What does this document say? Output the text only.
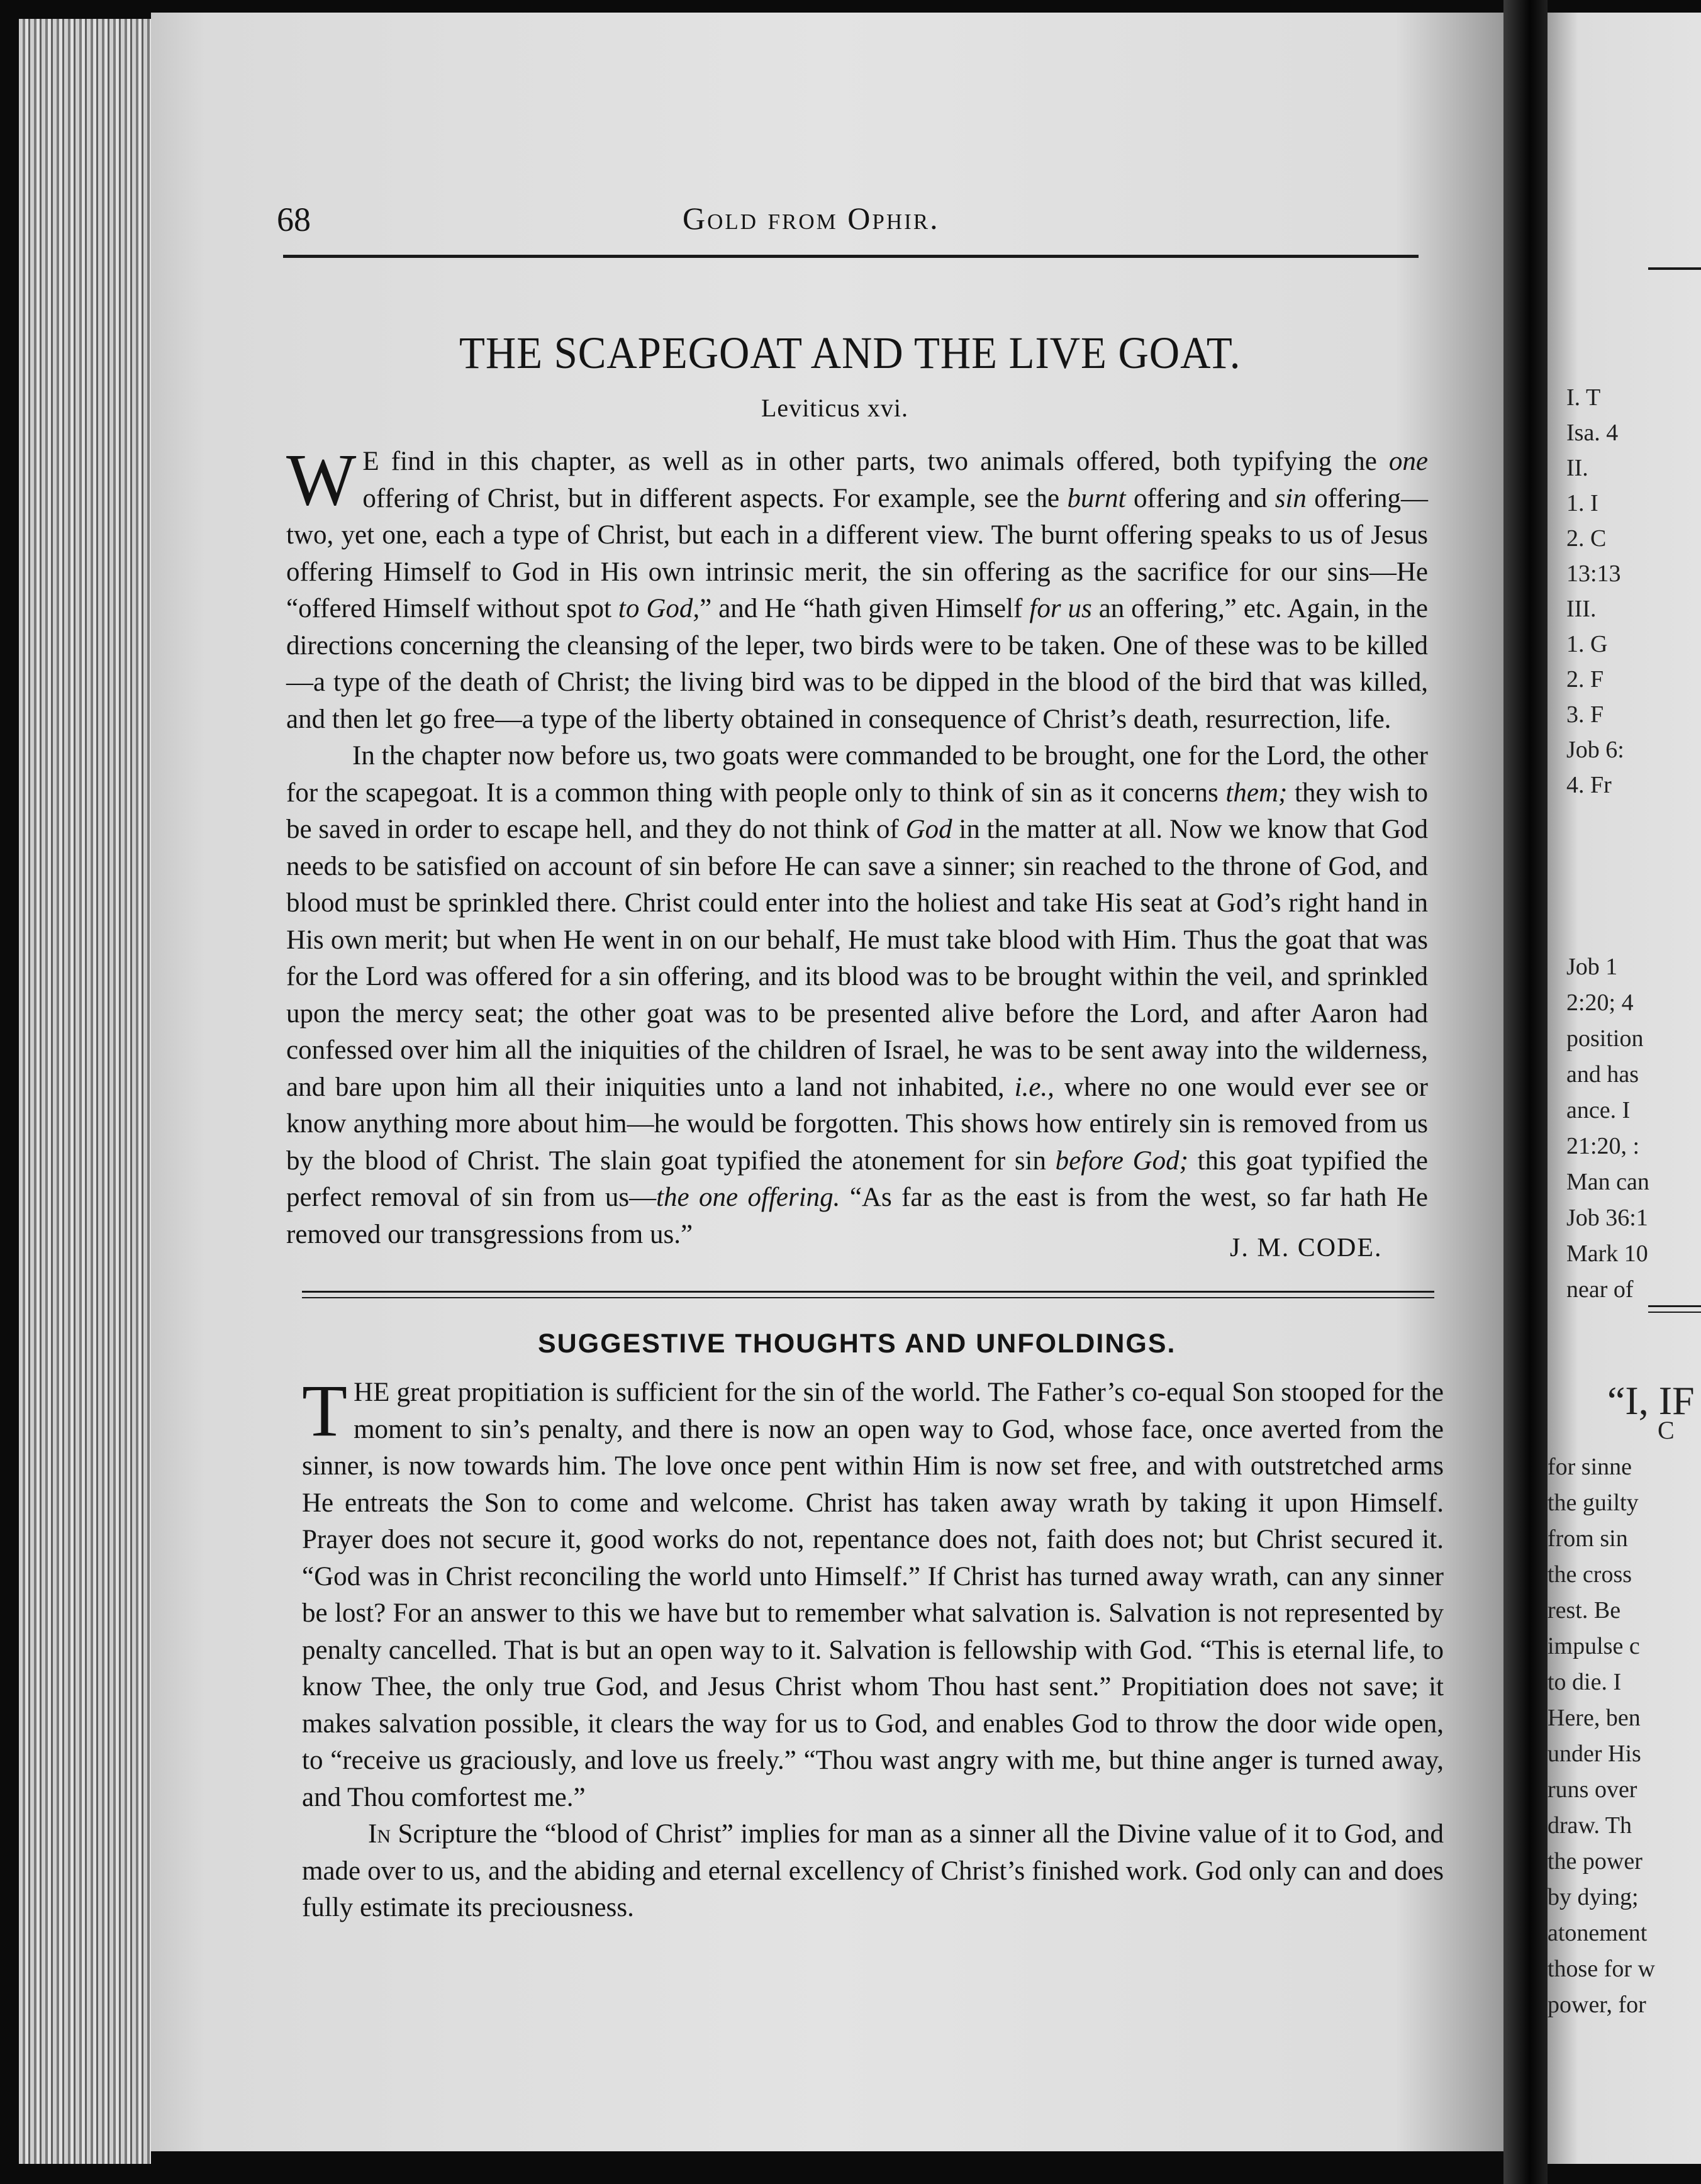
68	Gold from Ophir.
THE SCAPEGOAT AND THE LIVE GOAT.
Leviticus xvi.

W E find in this chapter, as well as in other parts, two animals offered, both typifying the one offering of Christ, but in different aspects. For example, see the burnt offering and sin offering—two, yet one, each a type of Christ, but each in a different view. The burnt offering speaks to us of Jesus offering Himself to God in His own intrinsic merit, the sin offering as the sacrifice for our sins—He “offered Himself without spot to God,” and He “hath given Himself for us an offering,” etc. Again, in the directions concerning the cleansing of the leper, two birds were to be taken. One of these was to be killed—a type of the death of Christ; the living bird was to be dipped in the blood of the bird that was killed, and then let go free—a type of the liberty obtained in consequence of Christ’s death, resurrection, life.

In the chapter now before us, two goats were commanded to be brought, one for the Lord, the other for the scapegoat. It is a common thing with people only to think of sin as it concerns them; they wish to be saved in order to escape hell, and they do not think of God in the matter at all. Now we know that God needs to be satisfied on account of sin before He can save a sinner; sin reached to the throne of God, and blood must be sprinkled there. Christ could enter into the holiest and take His seat at God’s right hand in His own merit; but when He went in on our behalf, He must take blood with Him. Thus the goat that was for the Lord was offered for a sin offering, and its blood was to be brought within the veil, and sprinkled upon the mercy seat; the other goat was to be presented alive before the Lord, and after Aaron had confessed over him all the iniquities of the children of Israel, he was to be sent away into the wilderness, and bare upon him all their iniquities unto a land not inhabited, i.e., where no one would ever see or know anything more about him—he would be forgotten. This shows how entirely sin is removed from us by the blood of Christ. The slain goat typified the atonement for sin before God; this goat typified the perfect removal of sin from us—the one offering. “As far as the east is from the west, so far hath He removed our transgressions from us.”	J. M. CODE.
SUGGESTIVE THOUGHTS AND UNFOLDINGS.

THE great propitiation is sufficient for the sin of the world. The Father’s co-equal Son stooped for the moment to sin’s penalty, and there is now an open way to God, whose face, once averted from the sinner, is now towards him. The love once pent within Him is now set free, and with outstretched arms He entreats the Son to come and welcome. Christ has taken away wrath by taking it upon Himself. Prayer does not secure it, good works do not, repentance does not, faith does not; but Christ secured it. “God was in Christ reconciling the world unto Himself.” If Christ has turned away wrath, can any sinner be lost? For an answer to this we have but to remember what salvation is. Salvation is not represented by penalty cancelled. That is but an open way to it. Salvation is fellowship with God. “This is eternal life, to know Thee, the only true God, and Jesus Christ whom Thou hast sent.” Propitiation does not save; it makes salvation possible, it clears the way for us to God, and enables God to throw the door wide open, to “receive us graciously, and love us freely.” “Thou wast angry with me, but thine anger is turned away, and Thou comfortest me.”

In Scripture the “blood of Christ” implies for man as a sinner all the Divine value of it to God, and made over to us, and the abiding and eternal excellency of Christ’s finished work. God only can and does fully estimate its preciousness.

“I, IF
C
I. T
Isa. 4
II.
1. I
2. C
13:13
III.
1. G
2. F
3. F
Job 6:
4. Fr
Job 1
2:20; 4
position
and has
ance. I
21:20, :
Man can
Job 36:1
Mark 10
near of
for sinne
the guilty
from sin
the cross
rest. Be
impulse c
to die. I
Here, ben
under His
runs over
draw. Th
the power
by dying;
atonement
those for w
power, for
